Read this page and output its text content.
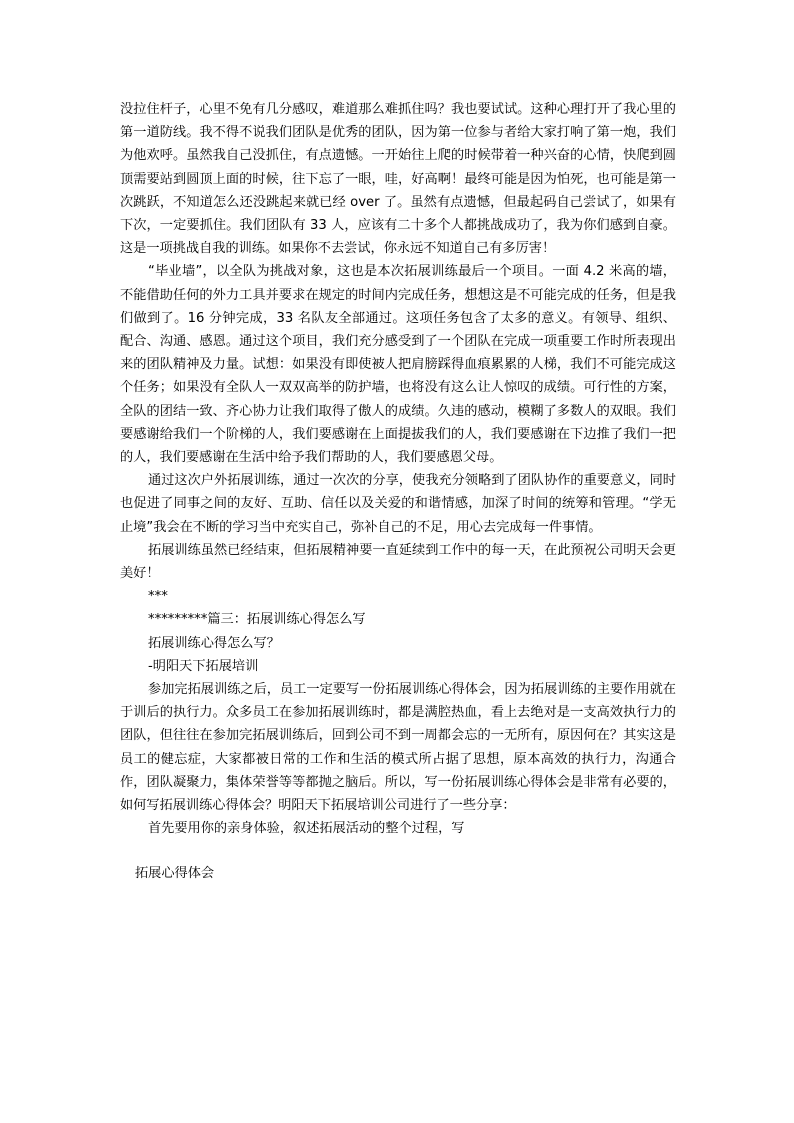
没拉住杆子，心里不免有几分感叹，难道那么难抓住吗？我也要试试。这种心理打开了我心里的第一道防线。我不得不说我们团队是优秀的团队，因为第一位参与者给大家打响了第一炮，我们为他欢呼。虽然我自己没抓住，有点遗憾。一开始往上爬的时候带着一种兴奋的心情，快爬到圆顶需要站到圆顶上面的时候，往下忘了一眼，哇，好高啊！最终可能是因为怕死，也可能是第一次跳跃，不知道怎么还没跳起来就已经 over 了。虽然有点遗憾，但最起码自己尝试了，如果有下次，一定要抓住。我们团队有 33 人，应该有二十多个人都挑战成功了，我为你们感到自豪。这是一项挑战自我的训练。如果你不去尝试，你永远不知道自己有多厉害！

“毕业墙”，以全队为挑战对象，这也是本次拓展训练最后一个项目。一面 4.2 米高的墙，不能借助任何的外力工具并要求在规定的时间内完成任务，想想这是不可能完成的任务，但是我们做到了。16 分钟完成，33 名队友全部通过。这项任务包含了太多的意义。有领导、组织、配合、沟通、感恩。通过这个项目，我们充分感受到了一个团队在完成一项重要工作时所表现出来的团队精神及力量。试想：如果没有即使被人把肩膀踩得血痕累累的人梯，我们不可能完成这个任务；如果没有全队人一双双高举的防护墙，也将没有这么让人惊叹的成绩。可行性的方案，全队的团结一致、齐心协力让我们取得了傲人的成绩。久违的感动，模糊了多数人的双眼。我们要感谢给我们一个阶梯的人，我们要感谢在上面提拔我们的人，我们要感谢在下边推了我们一把的人，我们要感谢在生活中给予我们帮助的人，我们要感恩父母。

通过这次户外拓展训练，通过一次次的分享，使我充分领略到了团队协作的重要意义，同时也促进了同事之间的友好、互助、信任以及关爱的和谐情感，加深了时间的统筹和管理。“学无止境”我会在不断的学习当中充实自己，弥补自己的不足，用心去完成每一件事情。

拓展训练虽然已经结束，但拓展精神要一直延续到工作中的每一天，在此预祝公司明天会更美好！

***

*********篇三：拓展训练心得怎么写

拓展训练心得怎么写？

-明阳天下拓展培训

参加完拓展训练之后，员工一定要写一份拓展训练心得体会，因为拓展训练的主要作用就在于训后的执行力。众多员工在参加拓展训练时，都是满腔热血，看上去绝对是一支高效执行力的团队，但往往在参加完拓展训练后，回到公司不到一周都会忘的一无所有，原因何在？其实这是员工的健忘症，大家都被日常的工作和生活的模式所占据了思想，原本高效的执行力，沟通合作，团队凝聚力，集体荣誉等等都抛之脑后。所以，写一份拓展训练心得体会是非常有必要的，如何写拓展训练心得体会？明阳天下拓展培训公司进行了一些分享：

首先要用你的亲身体验，叙述拓展活动的整个过程，写

拓展心得体会
